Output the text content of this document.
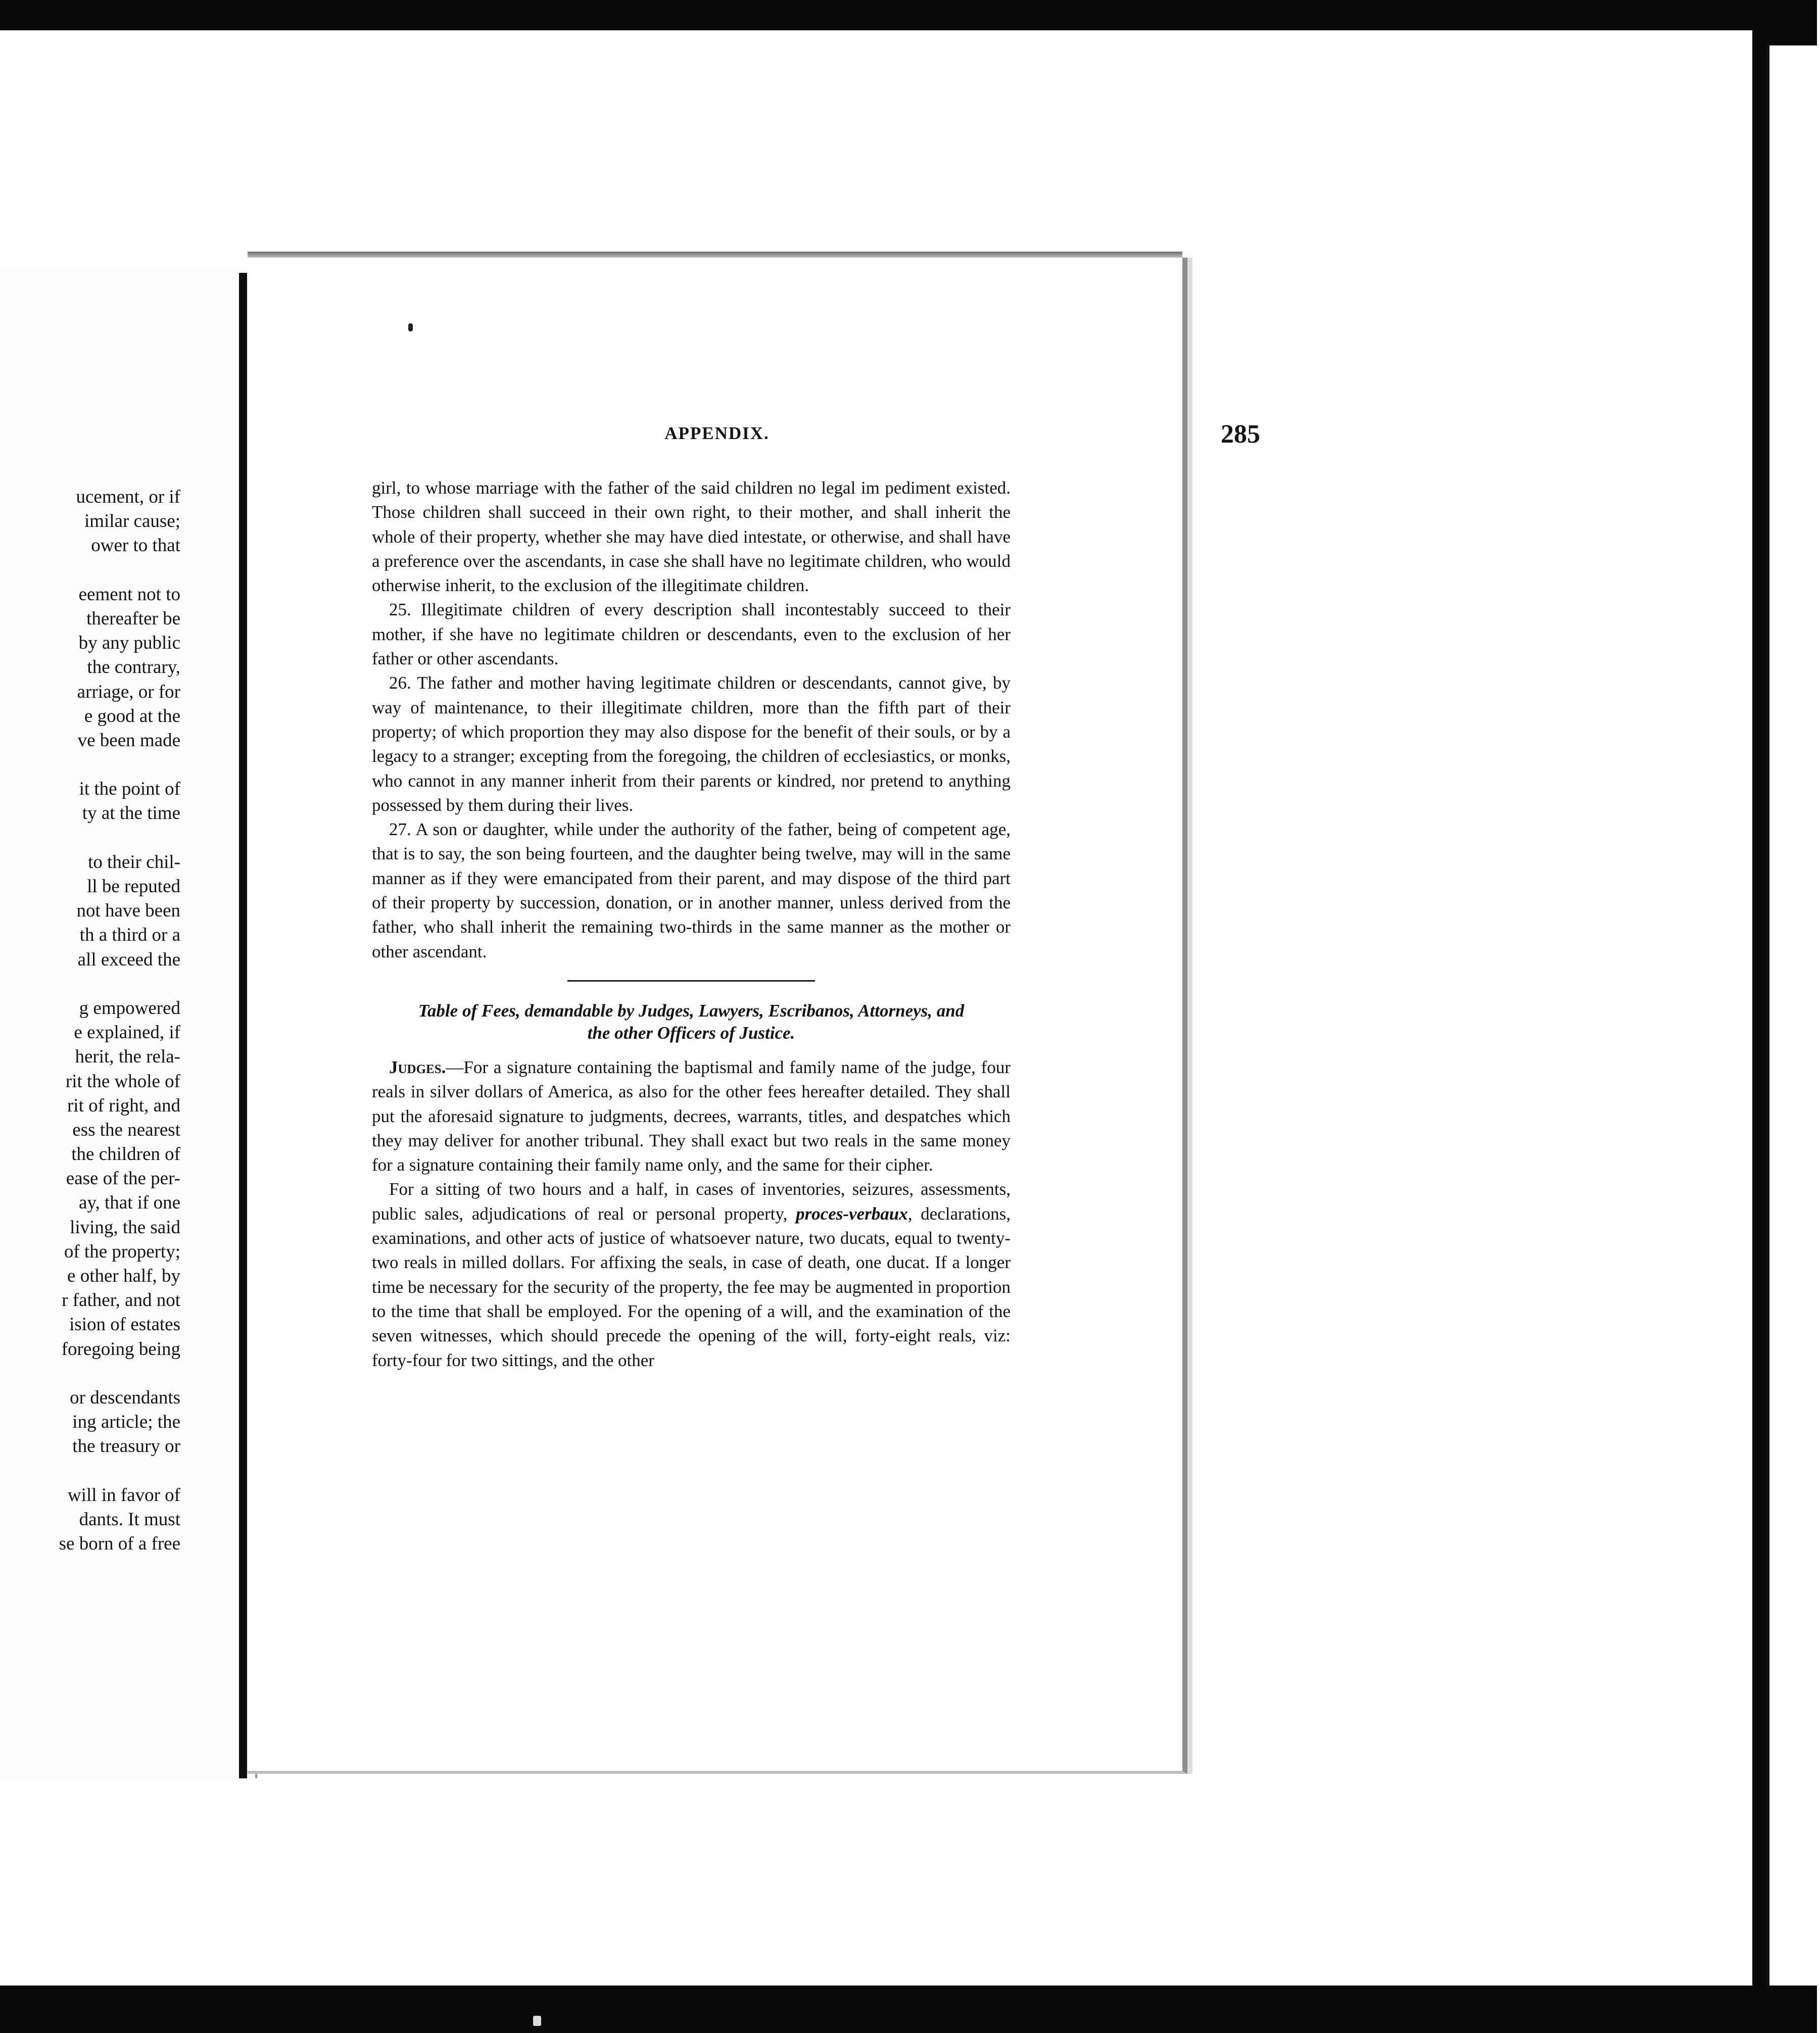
ucement, or if
imilar cause;
ower to that
eement not to
thereafter be
by any public
the contrary,
arriage, or for
e good at the
ve been made
it the point of
ty at the time
to their chil-
ll be reputed
not have been
th a third or a
all exceed the
g empowered
e explained, if
herit, the rela-
rit the whole of
rit of right, and
ess the nearest
the children of
ease of the per-
ay, that if one
living, the said
of the property;
e other half, by
r father, and not
ision of estates
foregoing being
or descendants
ing article; the
the treasury or
will in favor of
dants. It must
se born of a free
APPENDIX.	285

girl, to whose marriage with the father of the said children no legal im pediment existed. Those children shall succeed in their own right, to their mother, and shall inherit the whole of their property, whether she may have died intestate, or otherwise, and shall have a preference over the ascendants, in case she shall have no legitimate children, who would otherwise inherit, to the exclusion of the illegitimate children.

25. Illegitimate children of every description shall incontestably succeed to their mother, if she have no legitimate children or descendants, even to the exclusion of her father or other ascendants.

26. The father and mother having legitimate children or descendants, cannot give, by way of maintenance, to their illegitimate children, more than the fifth part of their property; of which proportion they may also dispose for the benefit of their souls, or by a legacy to a stranger; excepting from the foregoing, the children of ecclesiastics, or monks, who cannot in any manner inherit from their parents or kindred, nor pretend to anything possessed by them during their lives.

27. A son or daughter, while under the authority of the father, being of competent age, that is to say, the son being fourteen, and the daughter being twelve, may will in the same manner as if they were emancipated from their parent, and may dispose of the third part of their property by succession, donation, or in another manner, unless derived from the father, who shall inherit the remaining two-thirds in the same manner as the mother or other ascendant.

Table of Fees, demandable by Judges, Lawyers, Escribanos, Attorneys, and
the other Officers of Justice.

Judges.—For a signature containing the baptismal and family name of the judge, four reals in silver dollars of America, as also for the other fees hereafter detailed. They shall put the aforesaid signature to judgments, decrees, warrants, titles, and despatches which they may deliver for another tribunal. They shall exact but two reals in the same money for a signature containing their family name only, and the same for their cipher.

For a sitting of two hours and a half, in cases of inventories, seizures, assessments, public sales, adjudications of real or personal property, proces-verbaux, declarations, examinations, and other acts of justice of whatsoever nature, two ducats, equal to twenty-two reals in milled dollars. For affixing the seals, in case of death, one ducat. If a longer time be necessary for the security of the property, the fee may be augmented in proportion to the time that shall be employed. For the opening of a will, and the examination of the seven witnesses, which should precede the opening of the will, forty-eight reals, viz: forty-four for two sittings, and the other
